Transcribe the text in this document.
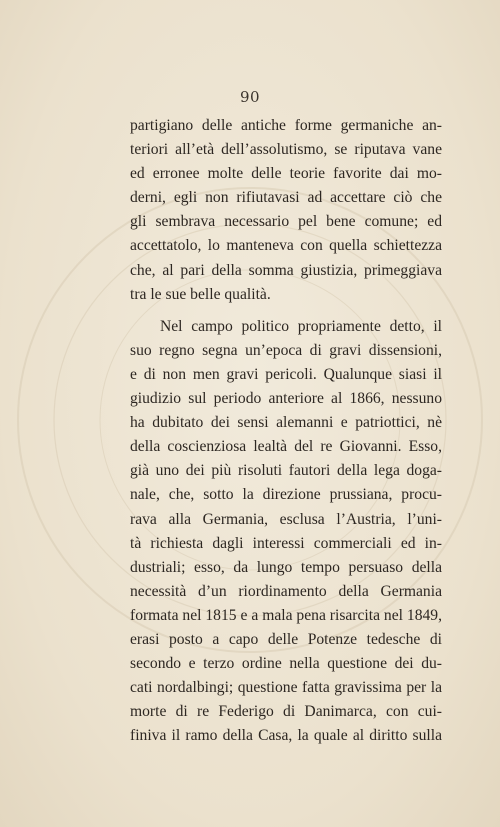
90
partigiano delle antiche forme germaniche an-
teriori all’età dell’assolutismo, se riputava vane
ed erronee molte delle teorie favorite dai mo-
derni, egli non rifiutavasi ad accettare ciò che
gli sembrava necessario pel bene comune; ed
accettatolo, lo manteneva con quella schiettezza
che, al pari della somma giustizia, primeggiava
tra le sue belle qualità.
Nel campo politico propriamente detto, il
suo regno segna un’epoca di gravi dissensioni,
e di non men gravi pericoli. Qualunque siasi il
giudizio sul periodo anteriore al 1866, nessuno
ha dubitato dei sensi alemanni e patriottici, nè
della coscienziosa lealtà del re Giovanni. Esso,
già uno dei più risoluti fautori della lega doga-
nale, che, sotto la direzione prussiana, procu-
rava alla Germania, esclusa l’Austria, l’uni-
tà richiesta dagli interessi commerciali ed in-
dustriali; esso, da lungo tempo persuaso della
necessità d’un riordinamento della Germania
formata nel 1815 e a mala pena risarcita nel 1849,
erasi posto a capo delle Potenze tedesche di
secondo e terzo ordine nella questione dei du-
cati nordalbingi; questione fatta gravissima per la
morte di re Federigo di Danimarca, con cui-
finiva il ramo della Casa, la quale al diritto sulla
